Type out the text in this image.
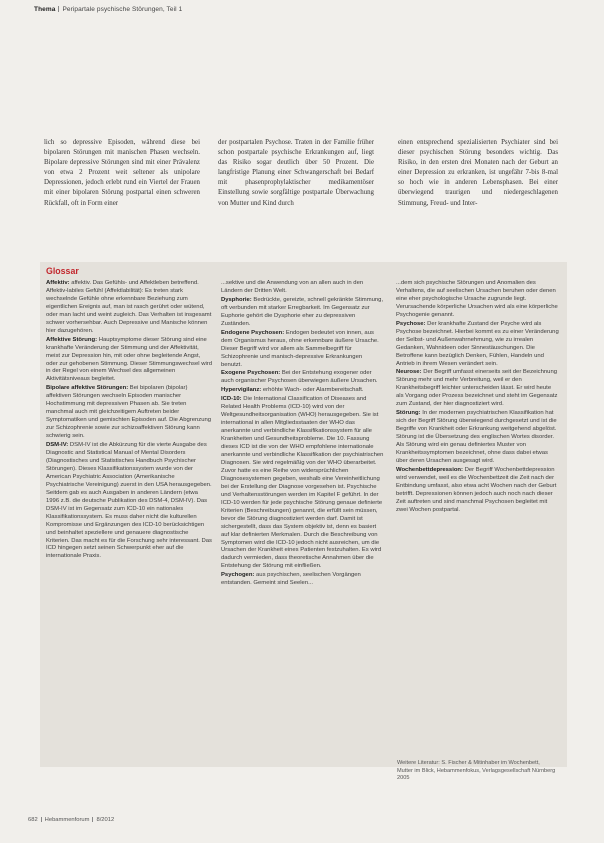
Thema Peripartale psychische Störungen, Teil 1

lich so depressive Episoden, während diese bei bipolaren Störungen mit manischen Phasen wechseln. Bipolare depressive Störungen sind mit einer Prävalenz von etwa 2 Prozent weit seltener als unipolare Depressionen, jedoch erlebt rund ein Viertel der Frauen mit einer bipolaren Störung postpartal einen schweren Rückfall, oft in Form einer

der postpartalen Psychose. Traten in der Familie früher schon postpartale psychische Erkrankungen auf, liegt das Risiko sogar deutlich über 50 Prozent. Die langfristige Planung einer Schwangerschaft bei Bedarf mit phasenprophylaktischer medikamentöser Einstellung sowie sorgfältige postpartale Überwachung von Mutter und Kind durch

einen entsprechend spezialisierten Psychiater sind bei dieser psychischen Störung besonders wichtig. Das Risiko, in den ersten drei Monaten nach der Geburt an einer Depression zu erkranken, ist ungefähr 7-bis 8-mal so hoch wie in anderen Lebensphasen. Bei einer überwiegend traurigen und niedergeschlagenen Stimmung, Freud- und Inter-

Glossar

Affektiv: affektiv. Das Gefühls- und Affektleben betreffend. Affektiv-labiles Gefühl (Affektlabilität): Es treten stark wechselnde Gefühle ohne erkennbare Beziehung zum eigentlichen Ereignis auf, man ist rasch gerührt oder wütend, oder man lacht und weint zugleich. Das Verhalten ist insgesamt schwer vorhersehbar. Auch Depressive und Manische können hier dazugehören.

Affektive Störung: Hauptsymptome dieser Störung sind eine krankhafte Veränderung der Stimmung und der Affektivität, meist zur Depression hin, mit oder ohne begleitende Angst, oder zur gehobenen Stimmung. Dieser Stimmungswechsel wird in der Regel von einem Wechsel des allgemeinen Aktivitätsniveaus begleitet.

Bipolare affektive Störungen: Bei bipolaren (bipolar) affektiven Störungen wechseln Episoden manischer Hochstimmung mit depressiven Phasen ab. Sie treten manchmal auch mit gleichzeitigem Auftreten beider Symptomatiken und gemischten Episoden auf. Die Abgrenzung zur Schizophrenie sowie zur schizoaffektiven Störung kann schwierig sein.

DSM-IV: DSM-IV ist die Abkürzung für die vierte Ausgabe des Diagnostic and Statistical Manual of Mental Disorders (Diagnostisches und Statistisches Handbuch Psychischer Störungen). Dieses Klassifikationssystem wurde von der American Psychiatric Association (Amerikanische Psychiatrische Vereinigung) zuerst in den USA herausgegeben. Seitdem gab es auch Ausgaben in anderen Ländern (etwa 1996 z.B. die deutsche Publikation des DSM-4, DSM-IV). Das DSM-IV ist im Gegensatz zum ICD-10 ein nationales Klassifikationssystem. Es muss daher nicht die kulturellen Kompromisse und Ergänzungen des ICD-10 berücksichtigen und beinhaltet speziellere und genauere diagnostische Kriterien. Das macht es für die Forschung sehr interessant. Das ICD hingegen setzt seinen Schwerpunkt eher auf die internationale Praxis.

...sektive und die Anwendung von an allen auch in den Ländern der Dritten Welt.

Dysphorie: Bedrückte, gereizte, schnell gekränkte Stimmung, oft verbunden mit starker Erregbarkeit. Im Gegensatz zur Euphorie gehört die Dysphorie eher zu depressiven Zuständen.

Endogene Psychosen: Endogen bedeutet von innen, aus dem Organismus heraus, ohne erkennbare äußere Ursache. Dieser Begriff wird vor allem als Sammelbegriff für Schizophrenie und manisch-depressive Erkrankungen benutzt.

Exogene Psychosen: Bei der Entstehung exogener oder auch organischer Psychosen überwiegen äußere Ursachen.

Hypervigilanz: erhöhte Wach- oder Alarmbereitschaft.

ICD-10: Die International Classification of Diseases and Related Health Problems (ICD-10) wird von der Weltgesundheitsorganisation (WHO) herausgegeben. Sie ist international in allen Mitgliedsstaaten der WHO das anerkannte und verbindliche Klassifikationssystem für alle Krankheiten und Gesundheitsprobleme. Die 10. Fassung dieses ICD ist die von der WHO empfohlene internationale anerkannte und verbindliche Klassifikation der psychiatrischen Diagnosen. Sie wird regelmäßig von der WHO überarbeitet. Zuvor hatte es eine Reihe von widersprüchlichen Diagnosesystemen gegeben, weshalb eine Vereinheitlichung bei der Erstellung der Diagnose vorgesehen ist. Psychische und Verhaltensstörungen werden im Kapitel F geführt. In der ICD-10 werden für jede psychische Störung genaue definierte Kriterien (Beschreibungen) genannt, die erfüllt sein müssen, bevor die Störung diagnostiziert werden darf. Damit ist sichergestellt, dass das System objektiv ist, denn es basiert auf klar definierten Merkmalen. Durch die Beschreibung von Symptomen wird die ICD-10 jedoch nicht ausreichen, um die Ursachen der Krankheit eines Patienten festzuhalten. Es wird dadurch vermieden, dass theoretische Annahmen über die Entstehung der Störung mit einfließen.

Psychogen: aus psychischen, seelischen Vorgängen entstanden. Gemeint sind Seelen...

...dem sich psychische Störungen und Anomalien des Verhaltens, die auf seelischen Ursachen beruhen oder denen eine eher psychologische Ursache zugrunde liegt. Verursachende körperliche Ursachen wird als eine körperliche Psychogenie genannt.

Psychose: Der krankhafte Zustand der Psyche wird als Psychose bezeichnet. Hierbei kommt es zu einer Veränderung der Selbst- und Außenwahrnehmung, wie zu irrealen Gedanken, Wahnideen oder Sinnestäuschungen. Die Betroffene kann bezüglich Denken, Fühlen, Handeln und Antrieb in ihrem Wesen verändert sein.

Neurose: Der Begriff umfasst einerseits seit der Bezeichnung Störung mehr und mehr Verbreitung, weil er den Krankheitsbegriff leichter unterscheiden lässt. Er wird heute als Vorgang oder Prozess bezeichnet und steht im Gegensatz zum Zustand, der hier diagnostiziert wird.

Störung: In der modernen psychiatrischen Klassifikation hat sich der Begriff Störung überwiegend durchgesetzt und ist die Begriffe von Krankheit oder Erkrankung weitgehend abgelöst. Störung ist die Übersetzung des englischen Wortes disorder. Als Störung wird ein genau definiertes Muster von Krankheitssymptomen bezeichnet, ohne dass dabei etwas über deren Ursachen ausgesagt wird.

Wochenbettdepression: Der Begriff Wochenbettdepression wird verwendet, weil es die Wochenbettzeit die Zeit nach der Entbindung umfasst, also etwa acht Wochen nach der Geburt betrifft. Depressionen können jedoch auch noch nach dieser Zeit auftreten und sind manchmal Psychosen begleitet mit zwei Wochen postpartal.

Weitere Literatur: S. Fischer & Mitinhaber im Wochenbett, Mutter im Blick, Hebammenfokus, Verlagsgesellschaft Nürnberg 2005
682 Hebammenforum 8/2012
